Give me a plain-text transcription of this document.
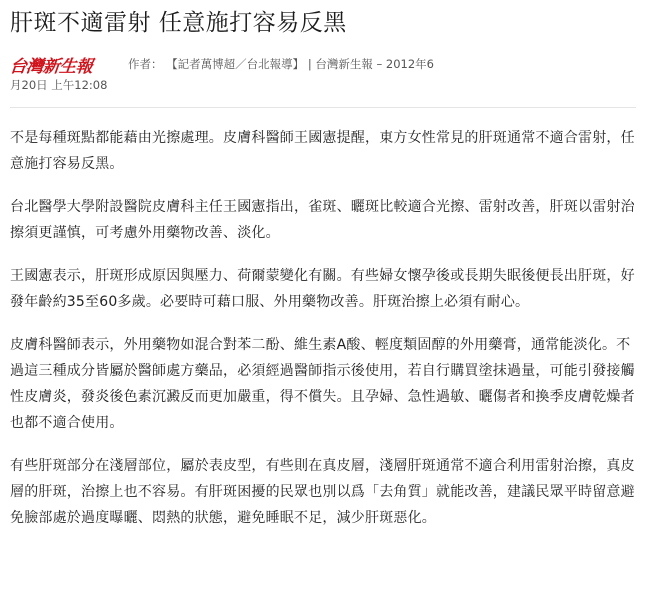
肝斑不適雷射 任意施打容易反黑
台灣新生報	作者： 【記者萬博超／台北報導】 | 台灣新生報 – 2012年6
月20日 上午12:08

不是每種斑點都能藉由光擦處理。皮膚科醫師王國憲提醒，東方女性常見的肝斑通常不適合雷射，任意施打容易反黑。

台北醫學大學附設醫院皮膚科主任王國憲指出，雀斑、曬斑比較適合光擦、雷射改善，肝斑以雷射治擦須更謹慎，可考慮外用藥物改善、淡化。

王國憲表示，肝斑形成原因與壓力、荷爾蒙變化有關。有些婦女懷孕後或長期失眠後便長出肝斑，好發年齡約35至60多歲。必要時可藉口服、外用藥物改善。肝斑治擦上必須有耐心。

皮膚科醫師表示，外用藥物如混合對苯二酚、維生素A酸、輕度類固醇的外用藥膏，通常能淡化。不過這三種成分皆屬於醫師處方藥品，必須經過醫師指示後使用，若自行購買塗抹過量，可能引發接觸性皮膚炎，發炎後色素沉澱反而更加嚴重，得不償失。且孕婦、急性過敏、曬傷者和換季皮膚乾燥者也都不適合使用。

有些肝斑部分在淺層部位，屬於表皮型，有些則在真皮層，淺層肝斑通常不適合利用雷射治擦，真皮層的肝斑，治擦上也不容易。有肝斑困擾的民眾也別以爲「去角質」就能改善，建議民眾平時留意避免臉部處於過度曝曬、悶熱的狀態，避免睡眠不足，減少肝斑惡化。
